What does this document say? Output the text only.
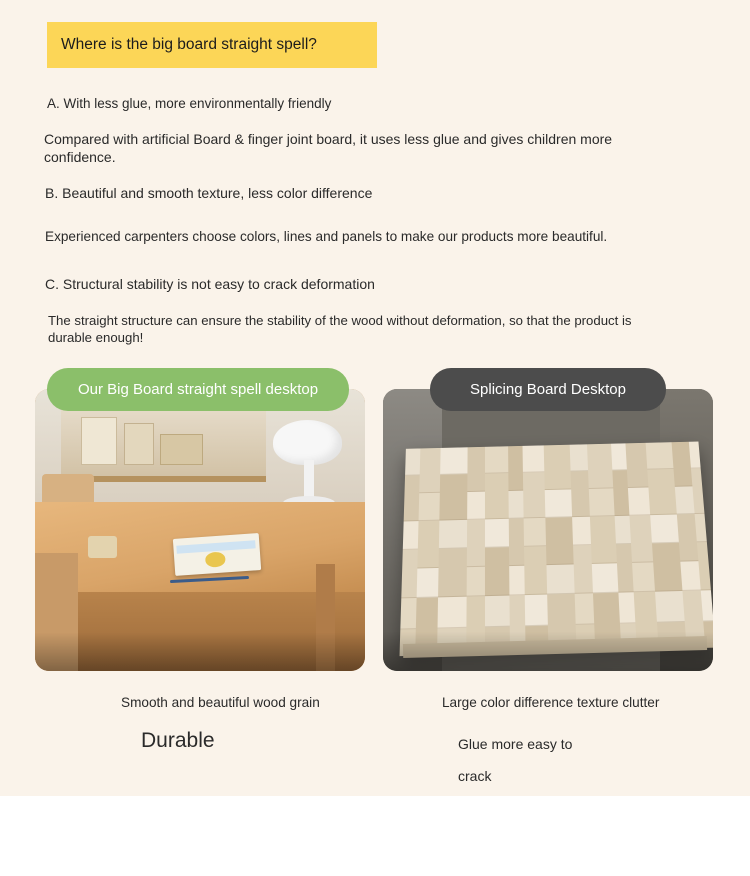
Where is the big board straight spell?
A. With less glue, more environmentally friendly
Compared with artificial Board & finger joint board, it uses less glue and gives children more confidence.
B. Beautiful and smooth texture, less color difference
Experienced carpenters choose colors, lines and panels to make our products more beautiful.
C. Structural stability is not easy to crack deformation
The straight structure can ensure the stability of the wood without deformation, so that the product is durable enough!
Our Big Board straight spell desktop	Splicing Board Desktop
Smooth and beautiful wood grain
Durable
Large color difference texture clutter
Glue more easy to
crack
